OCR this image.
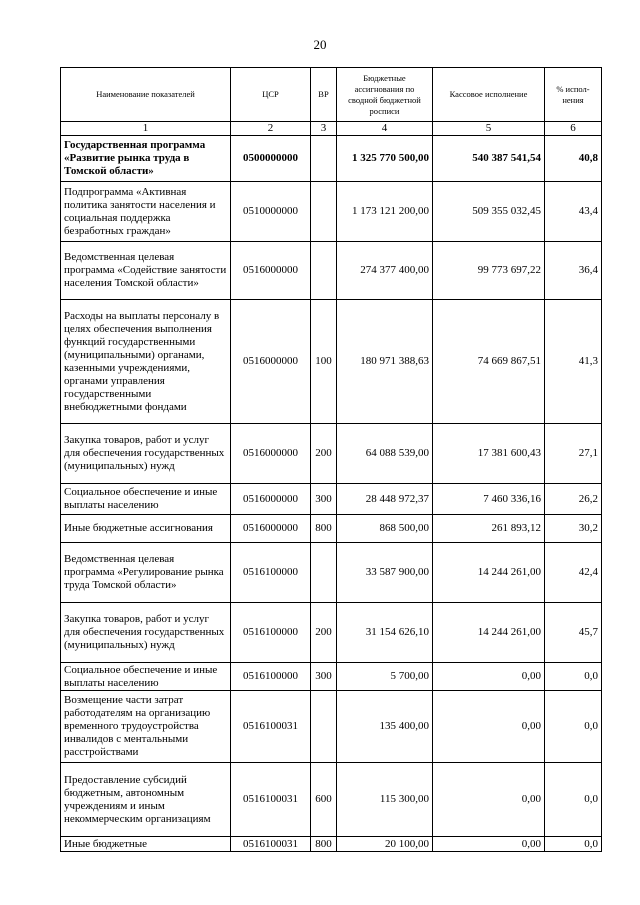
20
Наименование показателей	ЦСР	ВР	Бюджетные ассигнования по сводной бюджетной росписи	Кассовое исполнение	% испол-нения
1	2	3	4	5	6
Государственная программа «Развитие рынка труда в Томской области»	0500000000		1 325 770 500,00	540 387 541,54	40,8
Подпрограмма «Активная политика занятости населения и социальная поддержка безработных граждан»	0510000000		1 173 121 200,00	509 355 032,45	43,4
Ведомственная целевая программа «Содействие занятости населения Томской области»	0516000000		274 377 400,00	99 773 697,22	36,4
Расходы на выплаты персоналу в целях обеспечения выполнения функций государственными (муниципальными) органами, казенными учреждениями, органами управления государственными внебюджетными фондами	0516000000	100	180 971 388,63	74 669 867,51	41,3
Закупка товаров, работ и услуг для обеспечения государственных (муниципальных) нужд	0516000000	200	64 088 539,00	17 381 600,43	27,1
Социальное обеспечение и иные выплаты населению	0516000000	300	28 448 972,37	7 460 336,16	26,2
Иные бюджетные ассигнования	0516000000	800	868 500,00	261 893,12	30,2
Ведомственная целевая программа «Регулирование рынка труда Томской области»	0516100000		33 587 900,00	14 244 261,00	42,4
Закупка товаров, работ и услуг для обеспечения государственных (муниципальных) нужд	0516100000	200	31 154 626,10	14 244 261,00	45,7
Социальное обеспечение и иные выплаты населению	0516100000	300	5 700,00	0,00	0,0
Возмещение части затрат работодателям на организацию временного трудоустройства инвалидов с ментальными расстройствами	0516100031		135 400,00	0,00	0,0
Предоставление субсидий бюджетным, автономным учреждениям и иным некоммерческим организациям	0516100031	600	115 300,00	0,00	0,0
Иные бюджетные	0516100031	800	20 100,00	0,00	0,0
